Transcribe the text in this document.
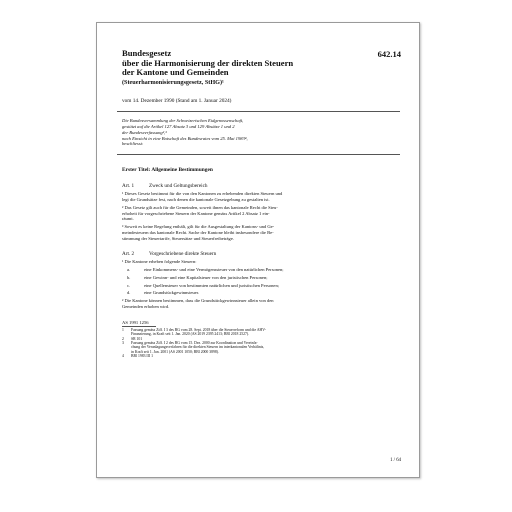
642.14
Bundesgesetz
über die Harmonisierung der direkten Steuern
der Kantone und Gemeinden
(Steuerharmonisierungsgesetz, StHG)¹
vom 14. Dezember 1990 (Stand am 1. Januar 2024)
Die Bundesversammlung der Schweizerischen Eidgenossenschaft,
gestützt auf die Artikel 127 Absatz 3 und 129 Absätze 1 und 2
der Bundesverfassung²,³
nach Einsicht in eine Botschaft des Bundesrates vom 25. Mai 1983⁴,
beschliesst:
Erster Titel: Allgemeine Bestimmungen
Art. 1	Zweck und Geltungsbereich
¹ Dieses Gesetz bestimmt für die von den Kantonen zu erhebenden direkten Steuern und
legt die Grundsätze fest, nach denen die kantonale Gesetzgebung zu gestalten ist.
² Das Gesetz gilt auch für die Gemeinden, soweit ihnen das kantonale Recht die Steu-
erhoheit für vorgeschriebene Steuern der Kantone gemäss Artikel 2 Absatz 1 ein-
räumt.
³ Soweit es keine Regelung enthält, gilt für die Ausgestaltung der Kantons- und Ge-
meindesteuern das kantonale Recht. Sache der Kantone bleibt insbesondere die Be-
stimmung der Steuertarife, Steuersätze und Steuerfreibeträge.
Art. 2	Vorgeschriebene direkte Steuern
¹ Die Kantone erheben folgende Steuern:
a.	eine Einkommens- und eine Vermögenssteuer von den natürlichen Personen;
b.	eine Gewinn- und eine Kapitalsteuer von den juristischen Personen;
c.	eine Quellensteuer von bestimmten natürlichen und juristischen Personen;
d.	eine Grundstückgewinnsteuer.
² Die Kantone können bestimmen, dass die Grundstückgewinnsteuer allein von den
Gemeinden erhoben wird.
AS 1991 1256
1	Fassung gemäss Ziff. I 3 des BG vom 28. Sept. 2018 über die Steuerreform und die AHV-
Finanzierung, in Kraft seit 1. Jan. 2020 (AS 2019 2395 2413; BBl 2018 2527).
2	SR 101
3	Fassung gemäss Ziff. I 2 des BG vom 15. Dez. 2000 zur Koordination und Vereinfa-
chung der Veranlagungsverfahren für die direkten Steuern im interkantonalen Verhältnis,
in Kraft seit 1. Jan. 2001 (AS 2001 1050; BBl 2000 3898).
4	BBl 1983 III 1
1 / 64
